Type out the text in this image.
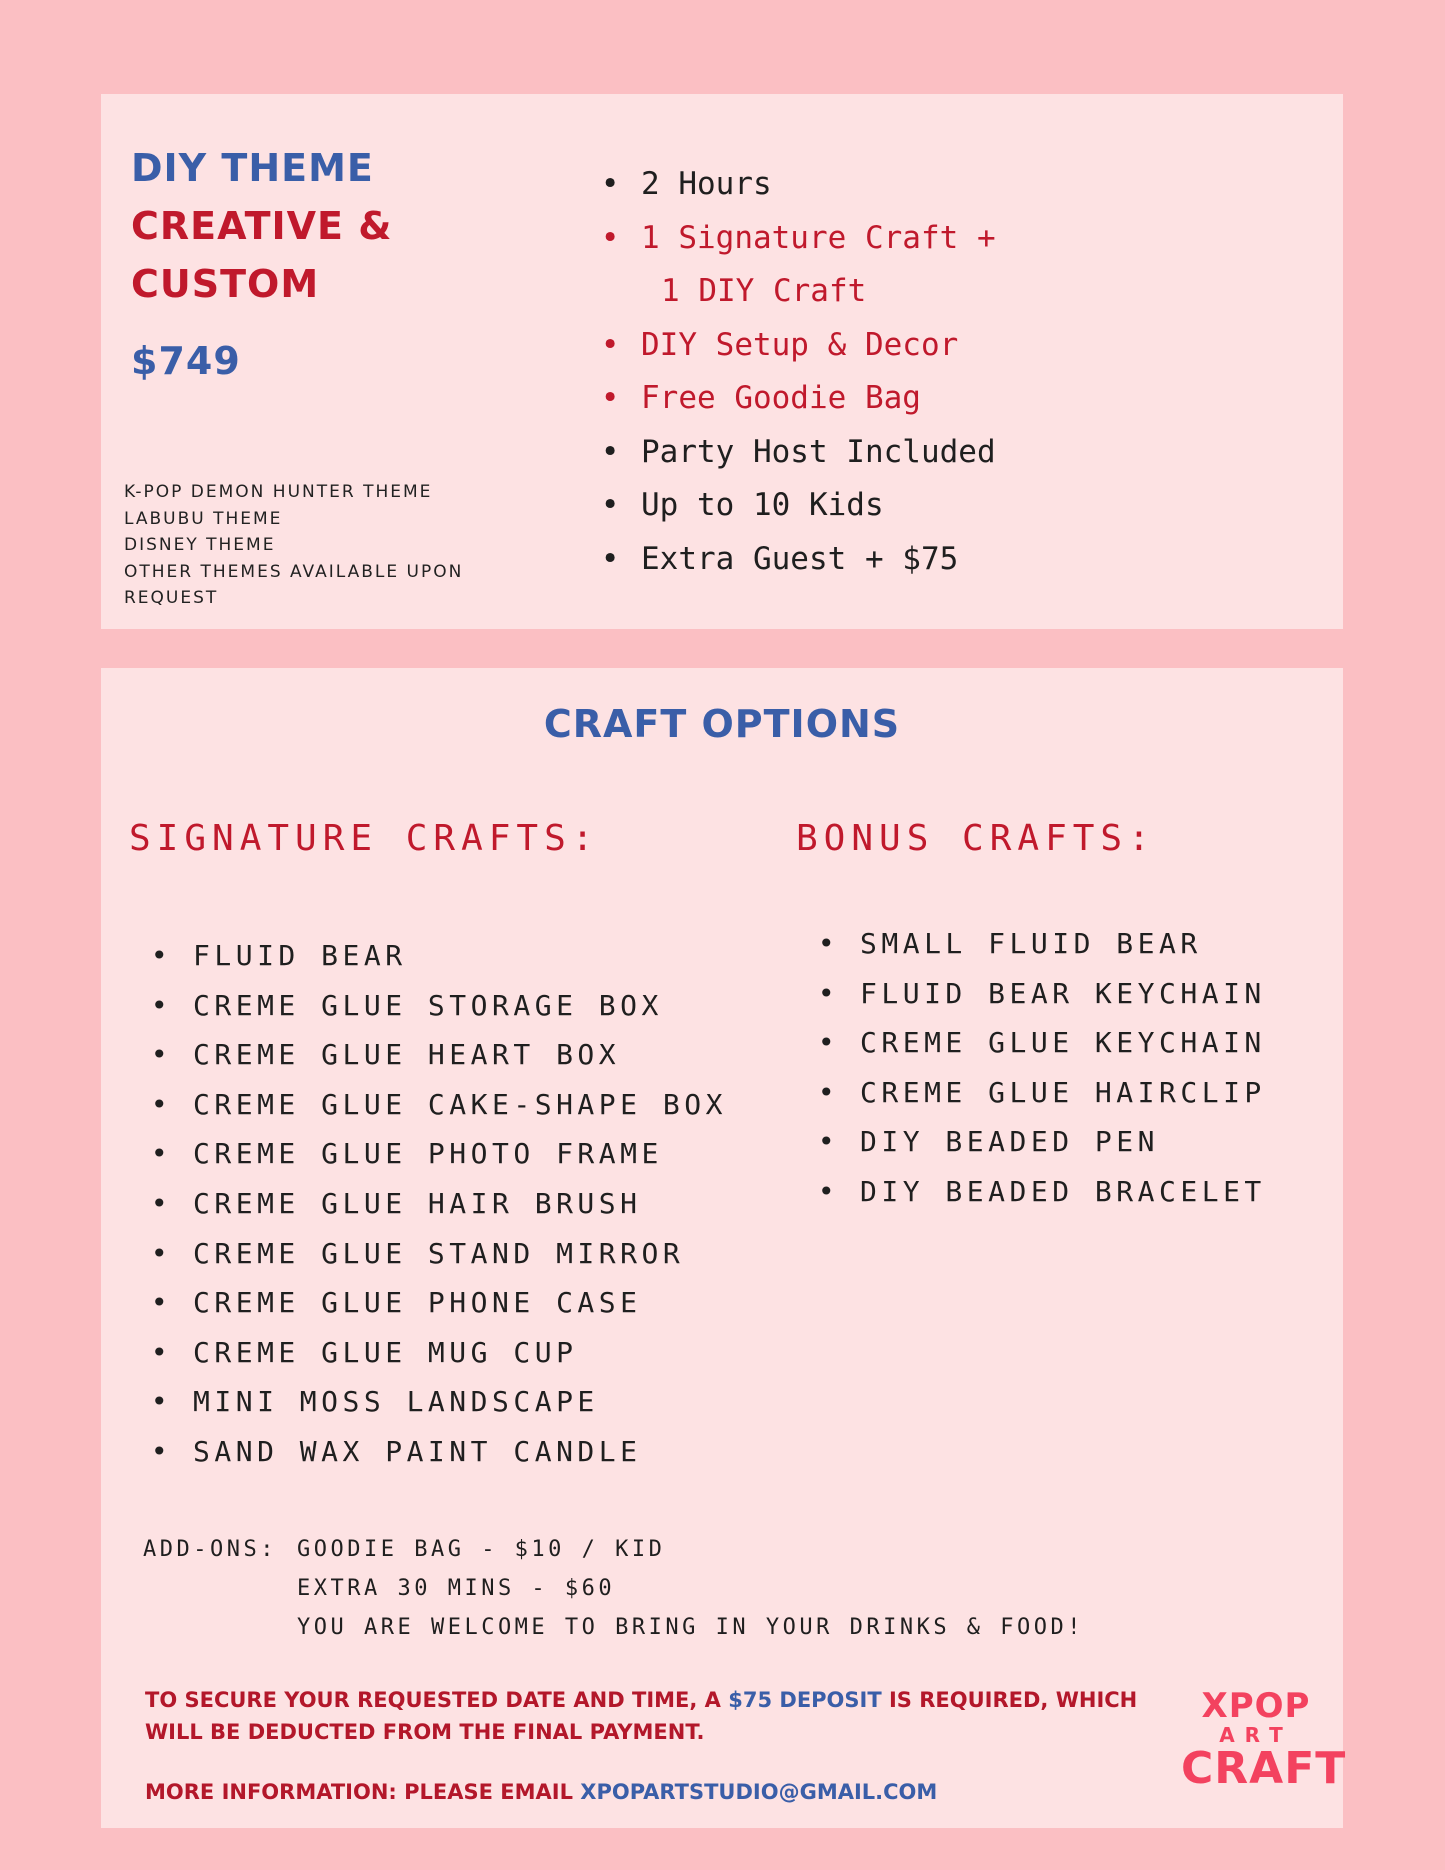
DIY THEME
CREATIVE &
CUSTOM
$749
K-POP DEMON HUNTER THEME
LABUBU THEME
DISNEY THEME
OTHER THEMES AVAILABLE UPON
REQUEST
• 2 Hours
• 1 Signature Craft +
1 DIY Craft
• DIY Setup & Decor
• Free Goodie Bag
• Party Host Included
• Up to 10 Kids
• Extra Guest + $75
CRAFT OPTIONS
SIGNATURE CRAFTS:	BONUS CRAFTS:
• FLUID BEAR
• CREME GLUE STORAGE BOX
• CREME GLUE HEART BOX
• CREME GLUE CAKE-SHAPE BOX
• CREME GLUE PHOTO FRAME
• CREME GLUE HAIR BRUSH
• CREME GLUE STAND MIRROR
• CREME GLUE PHONE CASE
• CREME GLUE MUG CUP
• MINI MOSS LANDSCAPE
• SAND WAX PAINT CANDLE
• SMALL FLUID BEAR
• FLUID BEAR KEYCHAIN
• CREME GLUE KEYCHAIN
• CREME GLUE HAIRCLIP
• DIY BEADED PEN
• DIY BEADED BRACELET
ADD-ONS: GOODIE BAG - $10 / KID
EXTRA 30 MINS - $60
YOU ARE WELCOME TO BRING IN YOUR DRINKS & FOOD!
TO SECURE YOUR REQUESTED DATE AND TIME, A $75 DEPOSIT IS REQUIRED, WHICH WILL BE DEDUCTED FROM THE FINAL PAYMENT.
MORE INFORMATION: PLEASE EMAIL XPOPARTSTUDIO@GMAIL.COM
XPOP
ART
CRAFT
